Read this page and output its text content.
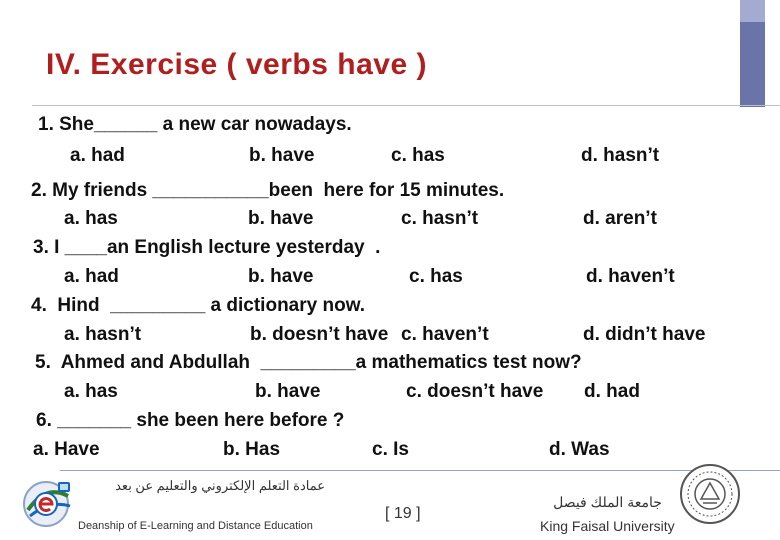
IV. Exercise ( verbs have )
1. She______ a new car nowadays.
a. had	b. have	c. has	d. hasn’t
2. My friends ___________been  here for 15 minutes.
a. has	b. have	c. hasn’t	d. aren’t
3. I ____an English lecture yesterday  .
a. had	b. have	c. has	d. haven’t
4.  Hind  _________ a dictionary now.
a. hasn’t	b. doesn’t have c. haven’t	d. didn’t have
5.  Ahmed and Abdullah  _________a mathematics test now?
a. has	b. have	c. doesn’t have d. had
6. _______ she been here before ?
a. Have	b. Has	c. Is	d. Was
عمادة التعلم الإلكتروني والتعليم عن بعد
Deanship of E-Learning and Distance Education
[ 19 ]
جامعة الملك فيصل
King Faisal University
